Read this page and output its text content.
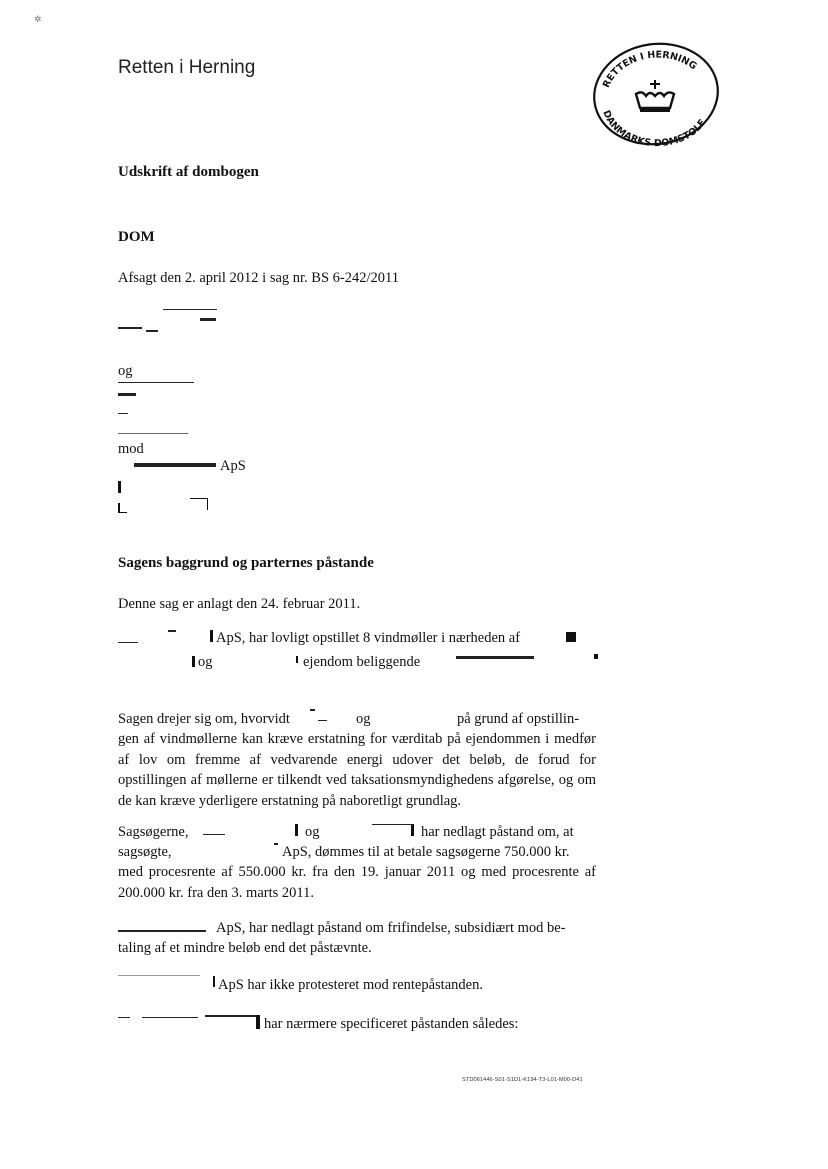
✲
Retten i Herning
RETTEN I HERNING
DANMARKS DOMSTOLE
Udskrift af dombogen
DOM
Afsagt den 2. april 2012 i sag nr. BS 6-242/2011
og
mod
ApS
Sagens baggrund og parternes påstande
Denne sag er anlagt den 24. februar 2011.
ApS, har lovligt opstillet 8 vindmøller i nærheden af
og	ejendom beliggende
Sagen drejer sig om, hvorvidt	og	på grund af opstillin-
gen af vindmøllerne kan kræve erstatning for værditab på ejendommen i medfør af lov om fremme af vedvarende energi udover det beløb, de forud for opstillingen af møllerne er tilkendt ved taksationsmyndighedens afgørelse, og om de kan kræve yderligere erstatning på naboretligt grundlag.
Sagsøgerne,	og	har nedlagt påstand om, at
sagsøgte,	ApS, dømmes til at betale sagsøgerne 750.000 kr.
med procesrente af 550.000 kr. fra den 19. januar 2011 og med procesrente af 200.000 kr. fra den 3. marts 2011.
ApS, har nedlagt påstand om frifindelse, subsidiært mod be-
taling af et mindre beløb end det påstævnte.
ApS har ikke protesteret mod rentepåstanden.
har nærmere specificeret påstanden således:
STD061446-S01-S1D1-K194-T3-L01-M00-D41
